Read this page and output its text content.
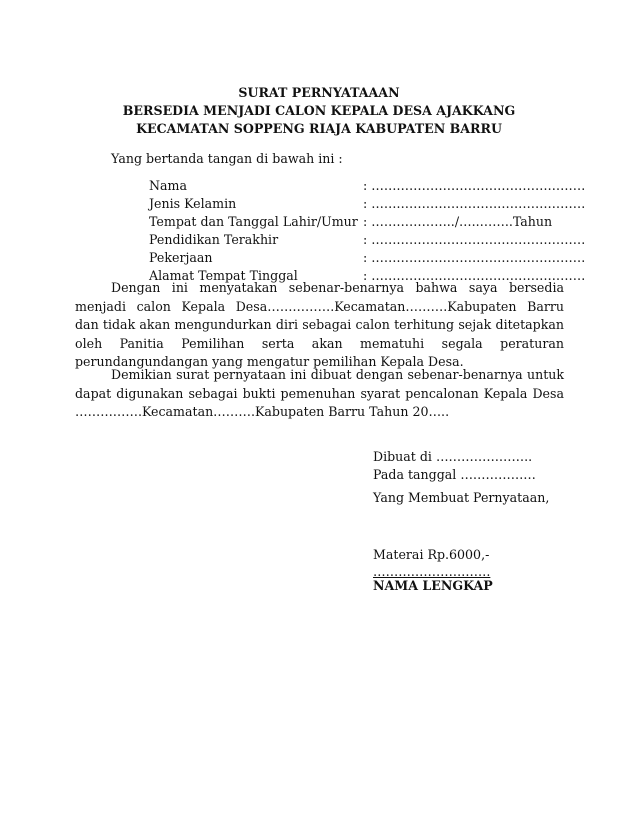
SURAT PERNYATAAAN
BERSEDIA MENJADI CALON KEPALA DESA AJAKKANG
KECAMATAN SOPPENG RIAJA KABUPATEN BARRU
Yang bertanda tangan di bawah ini :
Nama	: ……………………………………………
Jenis Kelamin	: ……………………………………………
Tempat dan Tanggal Lahir/Umur : ………………../…..……..Tahun
Pendidikan Terakhir	: ……………………………………………
Pekerjaan	: ……………………………………………
Alamat Tempat Tinggal	: ……………………………………………

Dengan ini menyatakan sebenar-benarnya bahwa saya bersedia menjadi calon Kepala Desa…………….Kecamatan……….Kabupaten Barru dan tidak akan mengundurkan diri sebagai calon terhitung sejak ditetapkan oleh Panitia Pemilihan serta akan mematuhi segala peraturan perundangundangan yang mengatur pemilihan Kepala Desa.

Demikian surat pernyataan ini dibuat dengan sebenar-benarnya untuk dapat digunakan sebagai bukti pemenuhan syarat pencalonan Kepala Desa …………….Kecamatan……….Kabupaten Barru Tahun 20…..

Dibuat di …………………..
Pada tanggal ………………
Yang Membuat Pernyataan,
Materai Rp.6000,-
……………………….
NAMA LENGKAP
